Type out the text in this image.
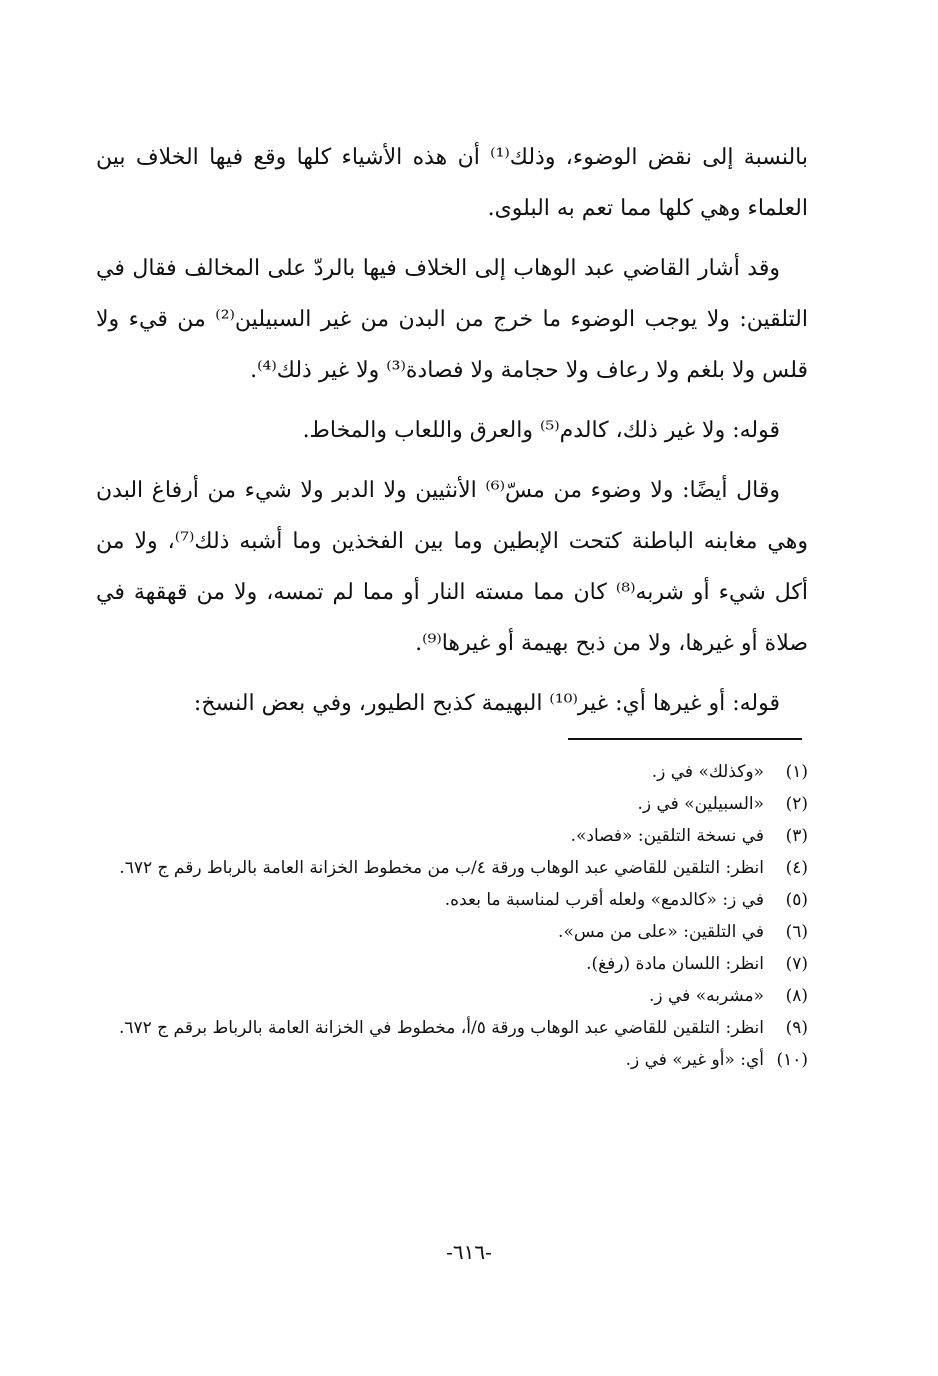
بالنسبة إلى نقض الوضوء، وذلك⁽¹⁾ أن هذه الأشياء كلها وقع فيها الخلاف بين العلماء وهي كلها مما تعم به البلوى.

وقد أشار القاضي عبد الوهاب إلى الخلاف فيها بالردّ على المخالف فقال في التلقين: ولا يوجب الوضوء ما خرج من البدن من غير السبيلين⁽²⁾ من قيء ولا قلس ولا بلغم ولا رعاف ولا حجامة ولا فصادة⁽³⁾ ولا غير ذلك⁽⁴⁾.

قوله: ولا غير ذلك، كالدم⁽⁵⁾ والعرق واللعاب والمخاط.

وقال أيضًا: ولا وضوء من مسّ⁽⁶⁾ الأنثيين ولا الدبر ولا شيء من أرفاغ البدن وهي مغابنه الباطنة كتحت الإبطين وما بين الفخذين وما أشبه ذلك⁽⁷⁾، ولا من أكل شيء أو شربه⁽⁸⁾ كان مما مسته النار أو مما لم تمسه، ولا من قهقهة في صلاة أو غيرها، ولا من ذبح بهيمة أو غيرها⁽⁹⁾.

قوله: أو غيرها أي: غير⁽¹⁰⁾ البهيمة كذبح الطيور، وفي بعض النسخ:

(١)
«وكذلك» في ز.
(٢)
«السبيلين» في ز.
(٣)
في نسخة التلقين: «فصاد».
(٤)
انظر: التلقين للقاضي عبد الوهاب ورقة ٤/ب من مخطوط الخزانة العامة بالرباط رقم ج ٦٧٢.
(٥)
في ز: «كالدمع» ولعله أقرب لمناسبة ما بعده.
(٦)
في التلقين: «على من مس».
(٧)
انظر: اللسان مادة (رفغ).
(٨)
«مشربه» في ز.
(٩)
انظر: التلقين للقاضي عبد الوهاب ورقة ٥/أ، مخطوط في الخزانة العامة بالرباط برقم ج ٦٧٢.
(١٠)
أي: «أو غير» في ز.
-٦١٦-
